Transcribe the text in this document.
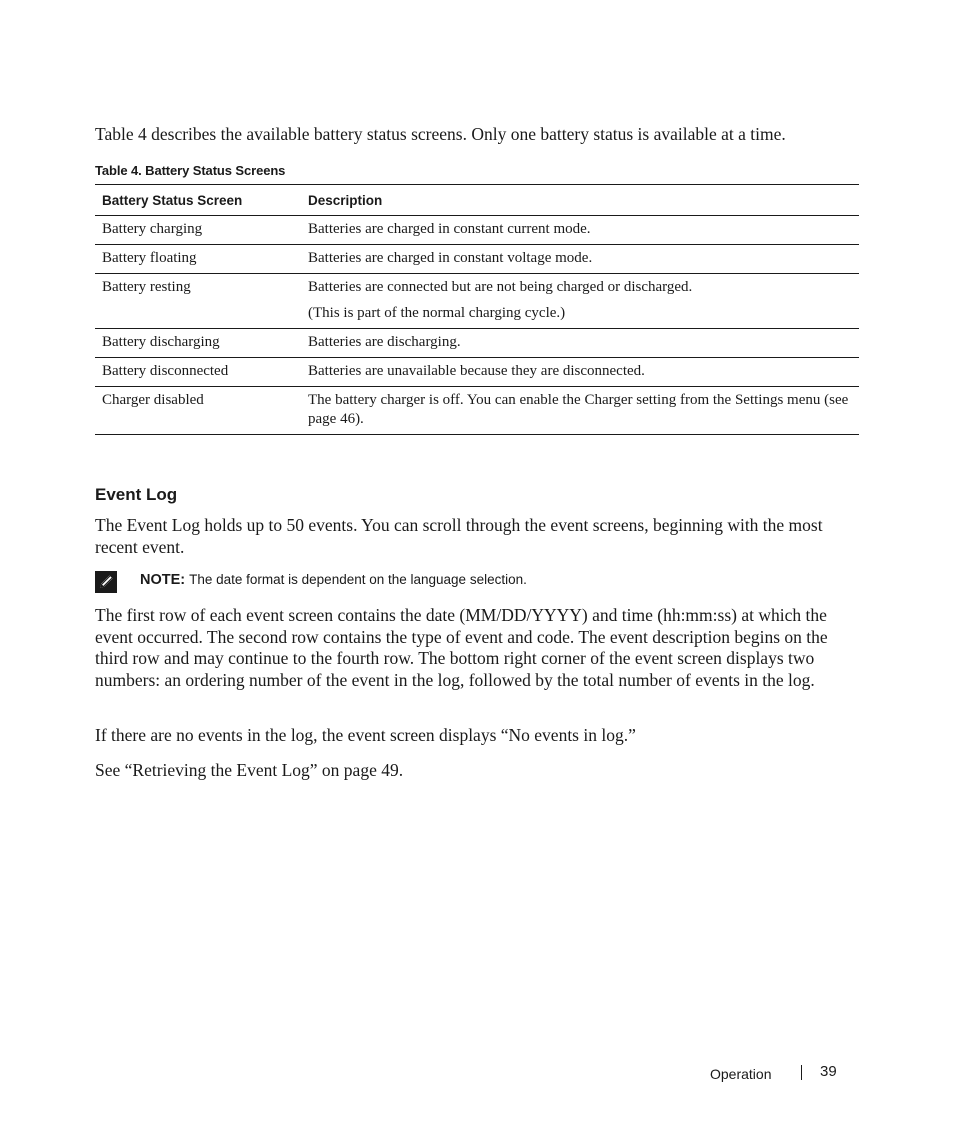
Table 4 describes the available battery status screens. Only one battery status is available at a time.

Table 4. Battery Status Screens

Battery Status Screen	Description
Battery charging	Batteries are charged in constant current mode.
Battery floating	Batteries are charged in constant voltage mode.
Battery resting	Batteries are connected but are not being charged or discharged.
(This is part of the normal charging cycle.)

Battery discharging	Batteries are discharging.
Battery disconnected	Batteries are unavailable because they are disconnected.
Charger disabled	The battery charger is off. You can enable the Charger setting from the Settings menu (see page 46).
Event Log

The Event Log holds up to 50 events. You can scroll through the event screens, beginning with the most recent event.

NOTE: The date format is dependent on the language selection.

The first row of each event screen contains the date (MM/DD/YYYY) and time (hh:mm:ss) at which the event occurred. The second row contains the type of event and code. The event description begins on the third row and may continue to the fourth row. The bottom right corner of the event screen displays two numbers: an ordering number of the event in the log, followed by the total number of events in the log.

If there are no events in the log, the event screen displays “No events in log.”

See “Retrieving the Event Log” on page 49.

Operation	39
